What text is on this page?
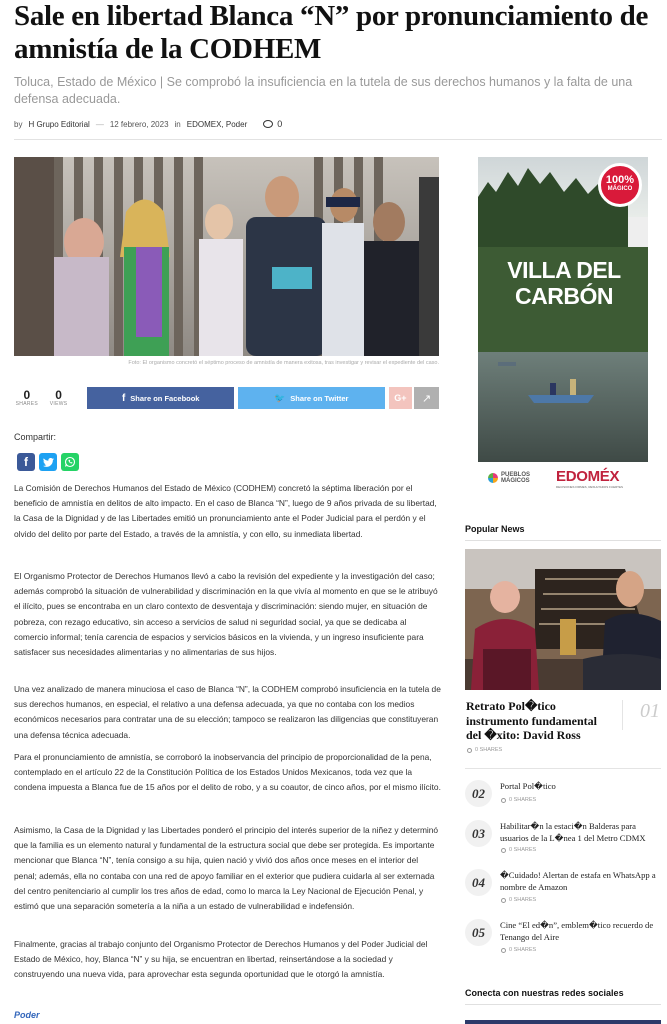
Sale en libertad Blanca “N” por pronunciamiento de amnistía de la CODHEM

Toluca, Estado de México | Se comprobó la insuficiencia en la tutela de sus derechos humanos y la falta de una defensa adecuada.

by H Grupo Editorial — 12 febrero, 2023 in EDOMEX, Poder	0
Foto: El organismo concretó el séptimo proceso de amnistía de manera exitosa, tras investigar y revisar el expediente del caso.
0
SHARES
0
VIEWS
f Share on Facebook	🐦 Share on Twitter	G+ ↗
Compartir:
f

La Comisión de Derechos Humanos del Estado de México (CODHEM) concretó la séptima liberación por el beneficio de amnistía en delitos de alto impacto. En el caso de Blanca “N”, luego de 9 años privada de su libertad, la Casa de la Dignidad y de las Libertades emitió un pronunciamiento ante el Poder Judicial para el perdón y el olvido del delito por parte del Estado, a través de la amnistía, y con ello, su inmediata libertad.

El Organismo Protector de Derechos Humanos llevó a cabo la revisión del expediente y la investigación del caso; además comprobó la situación de vulnerabilidad y discriminación en la que vivía al momento en que se le atribuyó el ilícito, pues se encontraba en un claro contexto de desventaja y discriminación: siendo mujer, en situación de pobreza, con rezago educativo, sin acceso a servicios de salud ni seguridad social, ya que se dedicaba al comercio informal; tenía carencia de espacios y servicios básicos en la vivienda, y un ingreso insuficiente para satisfacer sus necesidades alimentarias y no alimentarias de sus hijos.

Una vez analizado de manera minuciosa el caso de Blanca “N”, la CODHEM comprobó insuficiencia en la tutela de sus derechos humanos, en especial, el relativo a una defensa adecuada, ya que no contaba con los medios económicos necesarios para contratar una de su elección; tampoco se realizaron las diligencias que constituyeran una defensa técnica adecuada.

Para el pronunciamiento de amnistía, se corroboró la inobservancia del principio de proporcionalidad de la pena, contemplado en el artículo 22 de la Constitución Política de los Estados Unidos Mexicanos, toda vez que la condena impuesta a Blanca fue de 15 años por el delito de robo, y a su coautor, de cinco años, por el mismo ilícito.

Asimismo, la Casa de la Dignidad y las Libertades ponderó el principio del interés superior de la niñez y determinó que la familia es un elemento natural y fundamental de la estructura social que debe ser protegida. Es importante mencionar que Blanca “N”, tenía consigo a su hija, quien nació y vivió dos años once meses en el interior del penal; además, ella no contaba con una red de apoyo familiar en el exterior que pudiera cuidarla al ser externada del centro penitenciario al cumplir los tres años de edad, como lo marca la Ley Nacional de Ejecución Penal, y estimó que una separación sometería a la niña a un estado de vulnerabilidad e indefensión.

Finalmente, gracias al trabajo conjunto del Organismo Protector de Derechos Humanos y del Poder Judicial del Estado de México, hoy, Blanca “N” y su hija, se encuentran en libertad, reinsertándose a la sociedad y construyendo una nueva vida, para aprovechar esta segunda oportunidad que le otorgó la amnistía.

Poder
100%
MÁGICO
VILLA DEL
CARBÓN
PUEBLOS
MÁGICOS EDOMÉX
DECISIONES FIRMES, RESULTADOS FUERTES
Popular News
Retrato Pol�tico instrumento fundamental del �xito: David Ross
01
0 SHARES
02	Portal Pol�tico
0 SHARES
03	Habilitar�n la estaci�n Balderas para usuarios de la L�nea 1 del Metro CDMX
0 SHARES
04	�Cuidado! Alertan de estafa en WhatsApp a nombre de Amazon
0 SHARES
05	Cine “El ed�n”, emblem�tico recuerdo de Tenango del Aire
0 SHARES
Conecta con nuestras redes sociales
